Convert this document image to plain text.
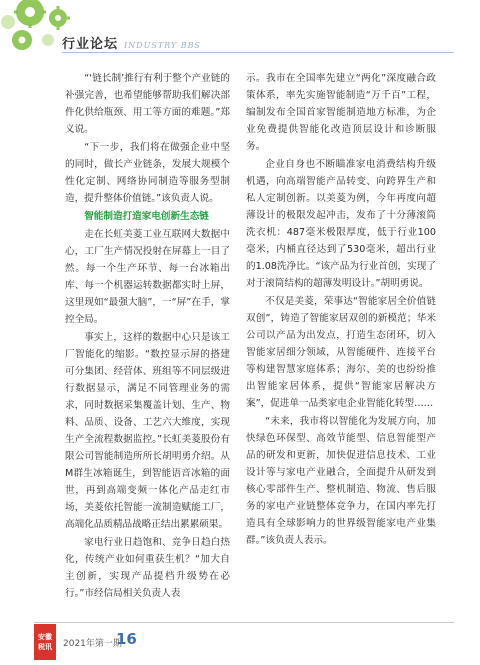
行业论坛 INDUSTRY BBS

“‘链长制’推行有利于整个产业链的补强完善，也希望能够帮助我们解决部件化供给瓶颈、用工等方面的难题。”郑义说。

“下一步，我们将在做强企业中坚的同时，做长产业链条，发展大规模个性化定制、网络协同制造等服务型制造，提升整体价值链。”该负责人说。

智能制造打造家电创新生态链

走在长虹美菱工业互联网大数据中心，工厂生产情况投射在屏幕上一目了然。每一个生产环节、每一台冰箱出库、每一个机器运转数据都实时上屏，这里现如“最强大脑”，一“屏”在手，掌控全局。

事实上，这样的数据中心只是该工厂智能化的缩影。“数控显示屏的搭建可分集团、经营体、班组等不同层级进行数据显示，满足不同管理业务的需求，同时数据采集覆盖计划、生产、物料、品质、设备、工艺六大维度，实现生产全流程数据监控。”长虹美菱股份有限公司智能制造所所长胡明勇介绍。从M群生冰箱诞生，到智能语音冰箱的面世，再到高端变频一体化产品走红市场，美菱依托智能一流制造赋能工厂，高端化品质精品战略正结出累累硕果。

家电行业日趋饱和、竞争日趋白热化，传统产业如何重获生机？“加大自主创新，实现产品提档升级势在必行。”市经信局相关负责人表

示。我市在全国率先建立“两化”深度融合政策体系，率先实施智能制造“万千百”工程，编制发布全国首家智能制造地方标准，为企业免费提供智能化改造顶层设计和诊断服务。

企业自身也不断瞄准家电消费结构升级机遇，向高端智能产品转变、向跨界生产和私人定制创新。以美菱为例，今年再度向超薄设计的极限发起冲击，发布了十分薄滚筒洗衣机：487毫米极限厚度，低于行业100毫米，内桶直径达到了530毫米，超出行业的1.08洗净比。“该产品为行业首创，实现了对于滚筒结构的超薄发明设计。”胡明勇说。

不仅是美菱，荣事达“智能家居全价值链双创”，铸造了智能家居双创的新模范；华米公司以产品为出发点，打造生态闭环，切入智能家居细分领域，从智能硬件、连接平台等构建智慧家庭体系；海尔、美的也纷纷推出智能家居体系，提供“智能家居解决方案”，促进单一品类家电企业智能化转型……

“未来，我市将以智能化为发展方向，加快绿色环保型、高效节能型、信息智能型产品的研发和更新，加快促进信息技术、工业设计等与家电产业融合，全面提升从研发到核心零部件生产、整机制造、物流、售后服务的家电产业链整体竞争力，在国内率先打造具有全球影响力的世界级智能家电产业集群。”该负责人表示。

安徽
税讯 2021年第一期
16
